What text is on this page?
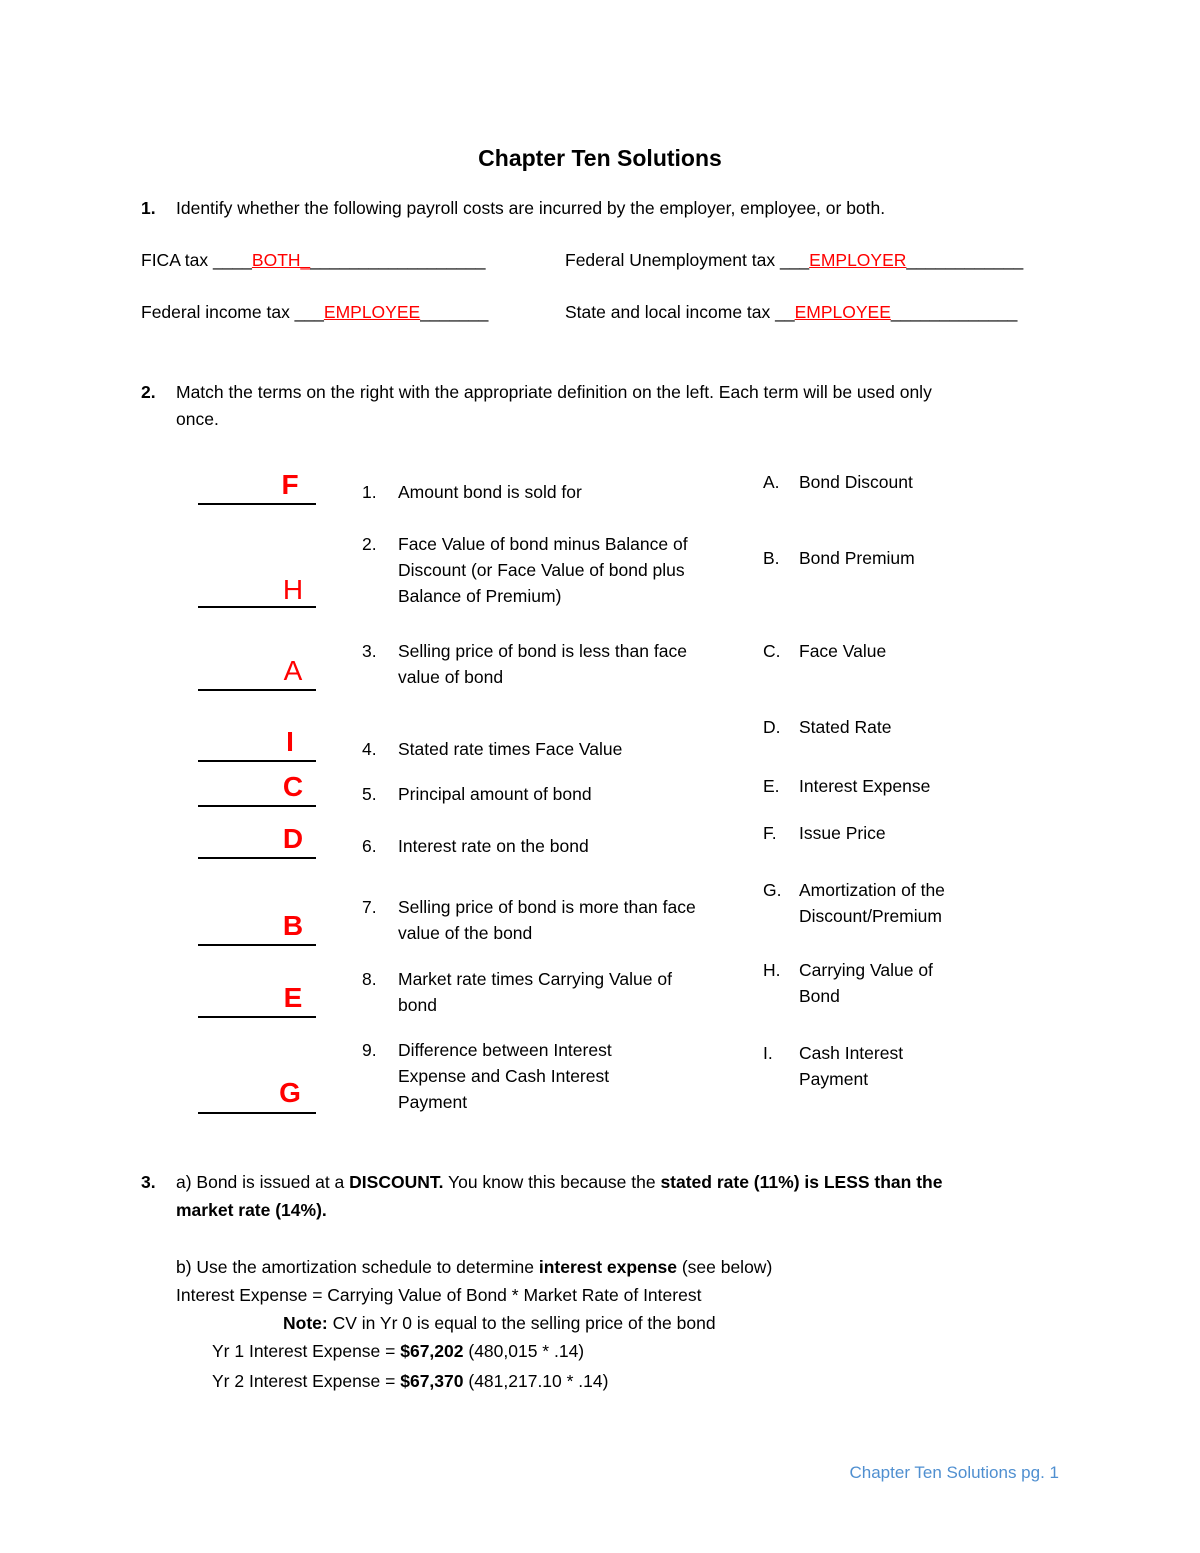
Chapter Ten Solutions
1. Identify whether the following payroll costs are incurred by the employer, employee, or both.
FICA tax ____BOTH___________________	Federal Unemployment tax ___EMPLOYER____________
Federal income tax ___EMPLOYEE_______	State and local income tax __EMPLOYEE_____________
2. Match the terms on the right with the appropriate definition on the left. Each term will be used only
once.
F
H
A
I
C
D
B
E
G
1. Amount bond is sold for
2. Face Value of bond minus Balance of Discount (or Face Value of bond plus Balance of Premium)
3. Selling price of bond is less than face value of bond
4. Stated rate times Face Value
5. Principal amount of bond
6. Interest rate on the bond
7. Selling price of bond is more than face value of the bond
8. Market rate times Carrying Value of bond
9. Difference between Interest Expense and Cash Interest Payment
A. Bond Discount
B. Bond Premium
C. Face Value
D. Stated Rate
E. Interest Expense
F. Issue Price
G. Amortization of the Discount/Premium
H. Carrying Value of Bond
I. Cash Interest Payment
3. a) Bond is issued at a DISCOUNT. You know this because the stated rate (11%) is LESS than the
market rate (14%).
b) Use the amortization schedule to determine interest expense (see below)
Interest Expense = Carrying Value of Bond * Market Rate of Interest
Note: CV in Yr 0 is equal to the selling price of the bond
Yr 1 Interest Expense = $67,202 (480,015 * .14)
Yr 2 Interest Expense = $67,370 (481,217.10 * .14)
Chapter Ten Solutions pg. 1
